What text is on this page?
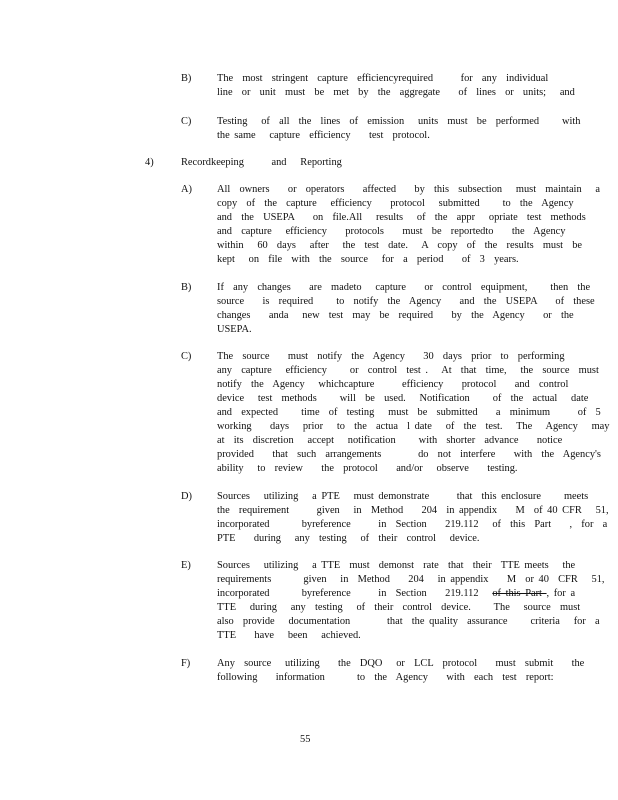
B) The  most  stringent  capture  efficiencyrequired      for  any  individual
line  or  unit  must  be  met  by  the  aggregate    of  lines  or  units;   and
C) Testing   of  all  the  lines  of  emission   units  must  be  performed     with
the same   capture  efficiency    test  protocol.
4)	Recordkeeping      and   Reporting
A) All  owners    or  operators    affected    by  this  subsection   must  maintain   a
copy  of  the  capture   efficiency    protocol   submitted     to  the  Agency
and  the  USEPA    on  file.All   results   of  the  appr   opriate  test  methods
and  capture   efficiency    protocols    must  be  reportedto    the  Agency
within   60  days   after   the  test  date.   A  copy  of  the  results  must  be
kept   on  file  with  the  source   for  a  period    of  3  years.
B) If  any  changes    are  madeto   capture    or  control  equipment,     then  the
source    is  required     to  notify  the  Agency    and  the  USEPA    of  these
changes    anda   new  test  may  be  required    by  the  Agency    or  the
USEPA.
C) The  source    must  notify  the  Agency    30  days  prior  to  performing
any  capture   efficiency     or  control  test .   At  that  time,   the  source  must
notify  the  Agency   whichcapture      efficiency    protocol    and  control
device   test  methods     will  be  used.   Notification     of  the  actual   date
and  expected     time  of  testing   must  be  submitted    a  minimum      of  5
working    days   prior   to  the  actua  l date   of  the  test.   The   Agency   may
at  its  discretion   accept   notification     with  shorter  advance    notice
provided    that  such  arrangements        do  not  interfere    with  the  Agency's
ability   to  review    the  protocol    and/or   observe    testing.
D) Sources   utilizing   a PTE   must demonstrate      that  this enclosure     meets
the  requirement      given   in  Method    204  in appendix    M  of 40 CFR   51,
incorporated       byreference      in  Section    219.112   of  this  Part    ,  for  a
PTE    during   any  testing   of  their  control   device.
E)	Sources   utilizing   a TTE  must  demonst  rate  that  their  TTE meets   the
requirements       given   in  Method    204   in appendix    M  or 40  CFR   51,
incorporated       byreference      in  Section    219.112   of this Part , for a
TTE   during   any  testing   of  their  control  device.     The   source  must
also  provide   documentation        that  the quality  assurance     criteria   for  a
TTE    have   been   achieved.
F)	Any  source   utilizing    the  DQO   or  LCL  protocol    must  submit    the
following    information       to  the  Agency    with  each  test  report:
55
